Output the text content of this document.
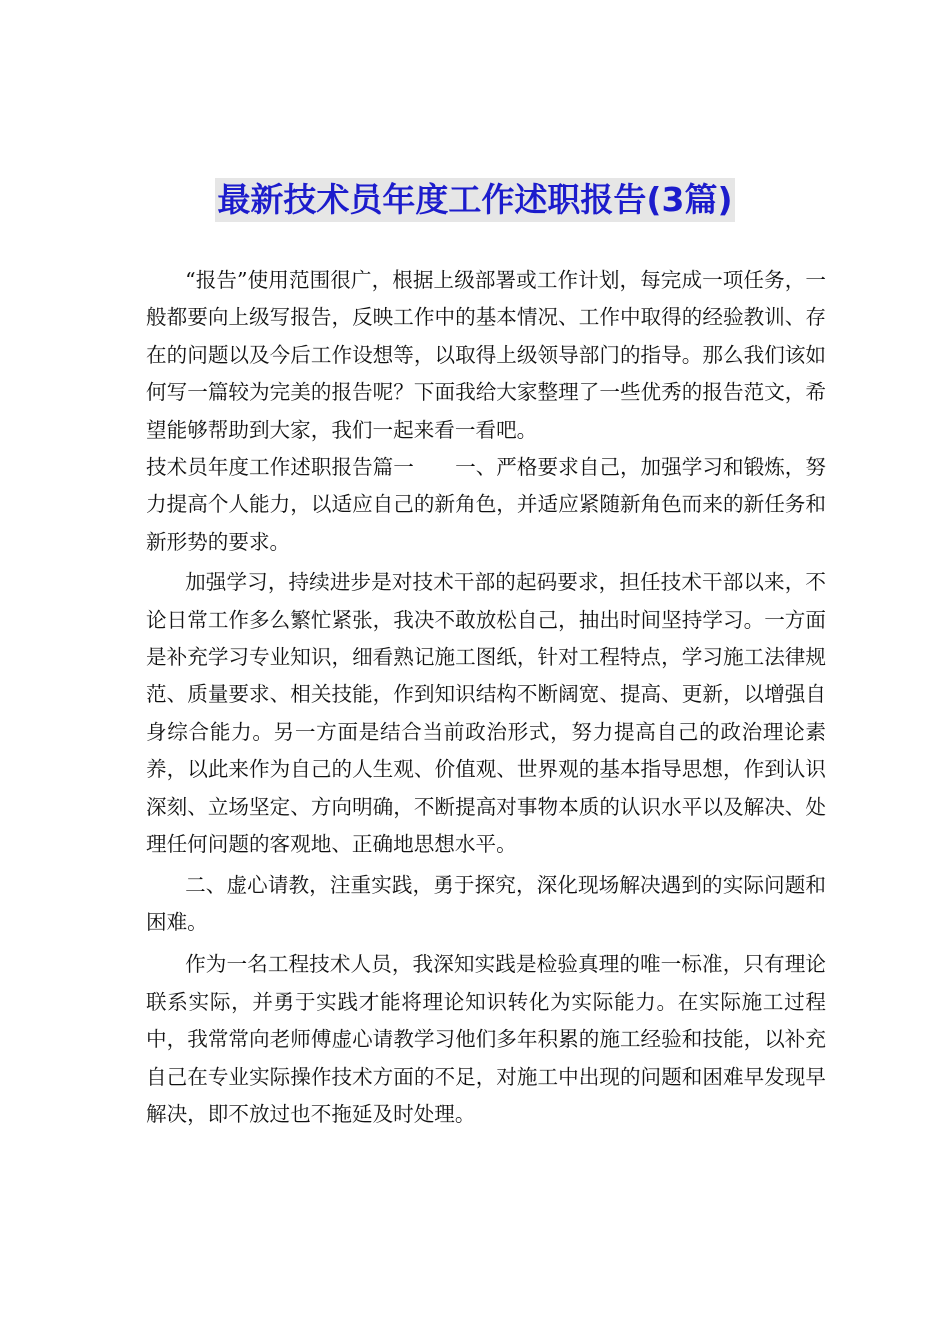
最新技术员年度工作述职报告(3篇)

“报告”使用范围很广，根据上级部署或工作计划，每完成一项任务，一般都要向上级写报告，反映工作中的基本情况、工作中取得的经验教训、存在的问题以及今后工作设想等，以取得上级领导部门的指导。那么我们该如何写一篇较为完美的报告呢？下面我给大家整理了一些优秀的报告范文，希望能够帮助到大家，我们一起来看一看吧。

技术员年度工作述职报告篇一　　一、严格要求自己，加强学习和锻炼，努力提高个人能力，以适应自己的新角色，并适应紧随新角色而来的新任务和新形势的要求。

加强学习，持续进步是对技术干部的起码要求，担任技术干部以来，不论日常工作多么繁忙紧张，我决不敢放松自己，抽出时间坚持学习。一方面是补充学习专业知识，细看熟记施工图纸，针对工程特点，学习施工法律规范、质量要求、相关技能，作到知识结构不断阔宽、提高、更新，以增强自身综合能力。另一方面是结合当前政治形式，努力提高自己的政治理论素养，以此来作为自己的人生观、价值观、世界观的基本指导思想，作到认识深刻、立场坚定、方向明确，不断提高对事物本质的认识水平以及解决、处理任何问题的客观地、正确地思想水平。

二、虚心请教，注重实践，勇于探究，深化现场解决遇到的实际问题和困难。

作为一名工程技术人员，我深知实践是检验真理的唯一标准，只有理论联系实际，并勇于实践才能将理论知识转化为实际能力。在实际施工过程中，我常常向老师傅虚心请教学习他们多年积累的施工经验和技能，以补充自己在专业实际操作技术方面的不足，对施工中出现的问题和困难早发现早解决，即不放过也不拖延及时处理。
